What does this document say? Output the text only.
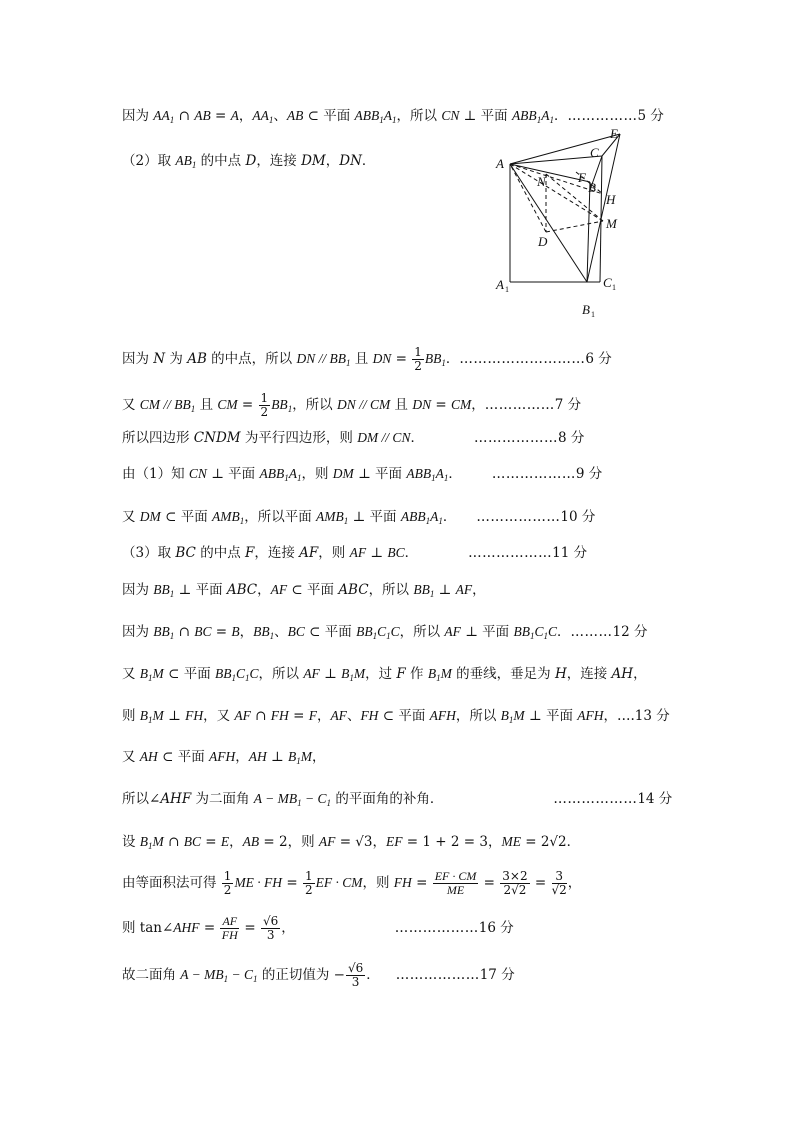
因为 $AA_1$ ∩ AB = A，$AA_1$、AB ⊂ 平面 $ABB_1A_1$，所以 CN ⊥ 平面 $ABB_1A_1$．……………5 分
（2）取 $AB_1$ 的中点 D，连接 DM，DN．	A
N F
B
C
E
H
M
D
A 1	C 1
B 1
因为 N 为 AB 的中点，所以 DN // $BB_1$ 且 DN = $\frac{1}{2} BB_1$．………………………6 分
又 CM // $BB_1$ 且 CM = $\frac{1}{2} BB_1$，所以 DN // CM 且 DN = CM，……………7 分
所以四边形 CNDM 为平行四边形，则 DM // CN．	………………8 分
由（1）知 CN ⊥ 平面 $ABB_1A_1$，则 DM ⊥ 平面 $ABB_1A_1$． ………………9 分
又 DM ⊂ 平面 $AMB_1$，所以平面 $AMB_1$ ⊥ 平面 $ABB_1A_1$． ………………10 分
（3）取 BC 的中点 F，连接 AF，则 AF ⊥ BC．	………………11 分
因为 $BB_1$ ⊥ 平面 ABC，AF ⊂ 平面 ABC，所以 $BB_1$ ⊥ AF，
因为 $BB_1$ ∩ BC = B，$BB_1$、BC ⊂ 平面 $BB_1C_1C$，所以 AF ⊥ 平面 $BB_1C_1C$．………12 分
又 $B_1M$ ⊂ 平面 $BB_1C_1C$，所以 AF ⊥ $B_1M$，过 F 作 $B_1M$ 的垂线，垂足为 H，连接 AH，
则 $B_1M$ ⊥ FH，又 AF ∩ FH = F，AF、FH ⊂ 平面 AFH，所以 $B_1M$ ⊥ 平面 AFH，….13 分
又 AH ⊂ 平面 AFH，AH ⊥ $B_1M$，
所以∠AHF 为二面角 $A - MB_1 - C_1$ 的平面角的补角．	………………14 分
设 $B_1M$ ∩ BC = E，AB = 2，则 AF = √3，EF = 1 + 2 = 3，ME = 2√2．
由等面积法可得 $\frac{1}{2}$ ME · FH = $\frac{1}{2}$ EF · CM，则 FH = $\frac{EF \cdot CM}{ME} = \frac{3\times 2}{2√2} = \frac{3}{√2}$ ，
则 tan∠AHF = $\frac{AF}{FH} = \frac{√6}{3}$ ，	………………16 分
故二面角 $A - MB_1 - C_1$ 的正切值为 − $\frac{√6}{3}$ ． ………………17 分
